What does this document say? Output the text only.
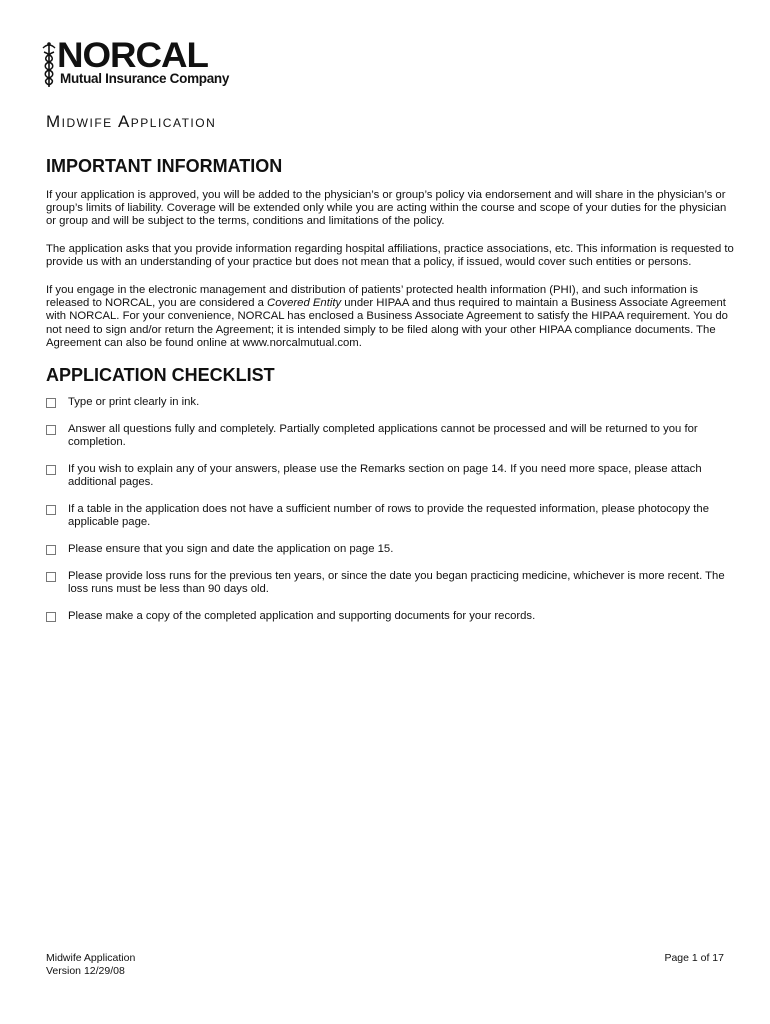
NORCAL
Mutual Insurance Company
Midwife Application
IMPORTANT INFORMATION

If your application is approved, you will be added to the physician’s or group’s policy via endorsement and will share in the physician’s or group’s limits of liability. Coverage will be extended only while you are acting within the course and scope of your duties for the physician or group and will be subject to the terms, conditions and limitations of the policy.

The application asks that you provide information regarding hospital affiliations, practice associations, etc. This information is requested to provide us with an understanding of your practice but does not mean that a policy, if issued, would cover such entities or persons.

If you engage in the electronic management and distribution of patients’ protected health information (PHI), and such information is released to NORCAL, you are considered a Covered Entity under HIPAA and thus required to maintain a Business Associate Agreement with NORCAL. For your convenience, NORCAL has enclosed a Business Associate Agreement to satisfy the HIPAA requirement. You do not need to sign and/or return the Agreement; it is intended simply to be filed along with your other HIPAA compliance documents. The Agreement can also be found online at www.norcalmutual.com.

APPLICATION CHECKLIST
Type or print clearly in ink.
Answer all questions fully and completely. Partially completed applications cannot be processed and will be returned to you for completion.
If you wish to explain any of your answers, please use the Remarks section on page 14. If you need more space, please attach additional pages.
If a table in the application does not have a sufficient number of rows to provide the requested information, please photocopy the applicable page.
Please ensure that you sign and date the application on page 15.
Please provide loss runs for the previous ten years, or since the date you began practicing medicine, whichever is more recent. The loss runs must be less than 90 days old.
Please make a copy of the completed application and supporting documents for your records.
Midwife Application
Version 12/29/08
Page 1 of 17
